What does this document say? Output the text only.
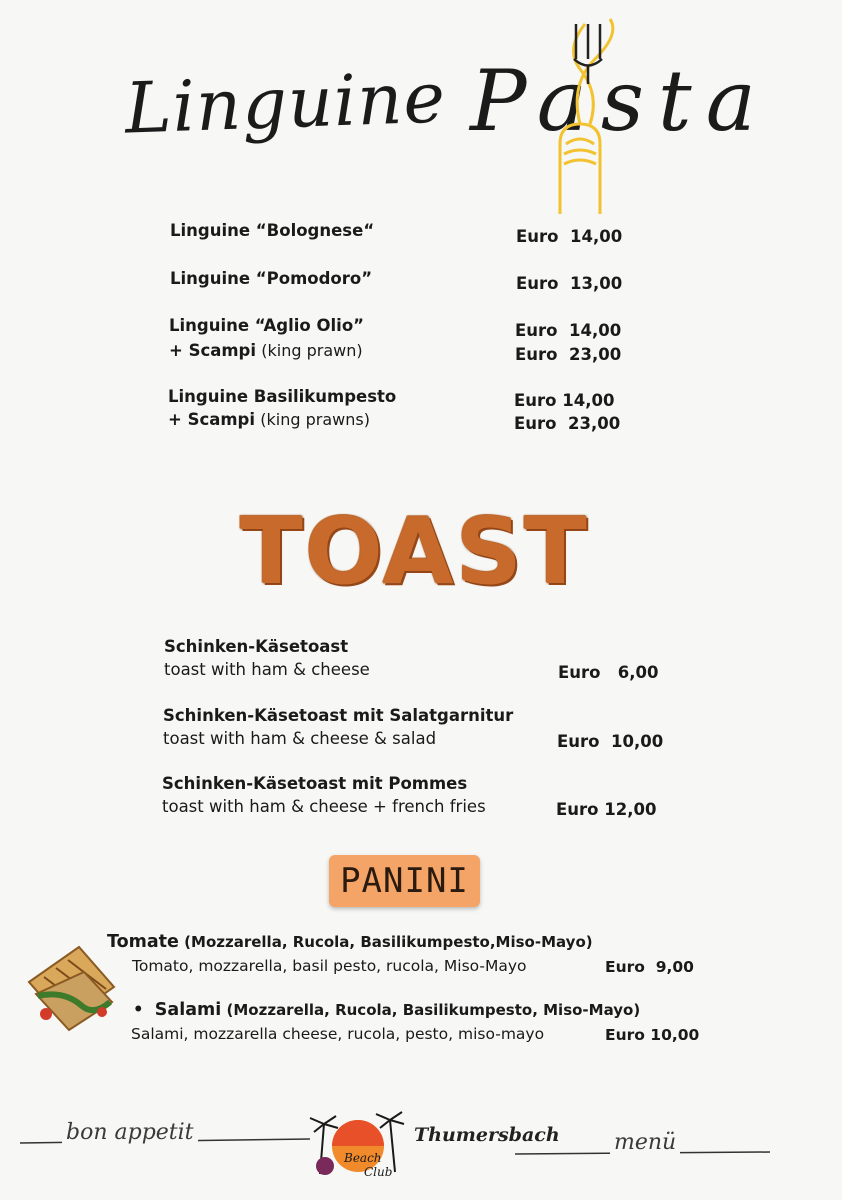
Linguine Pasta
Linguine “Bolognese“	Euro  14,00
Linguine “Pomodoro”	Euro  13,00
Linguine “Aglio Olio”	Euro  14,00
+ Scampi (king prawn)	Euro  23,00
Linguine Basilikumpesto	Euro 14,00
+ Scampi (king prawns)	Euro  23,00
TOAST
Schinken-Käsetoast
toast with ham & cheese	Euro   6,00
Schinken-Käsetoast mit Salatgarnitur
toast with ham & cheese & salad	Euro  10,00
Schinken-Käsetoast mit Pommes
toast with ham & cheese + french fries	Euro 12,00
PANINI
Tomate (Mozzarella, Rucola, Basilikumpesto,Miso-Mayo)
Tomato, mozzarella, basil pesto, rucola, Miso-Mayo	Euro  9,00
• Salami (Mozzarella, Rucola, Basilikumpesto, Miso-Mayo)
Salami, mozzarella cheese, rucola, pesto, miso-mayo	Euro 10,00
bon appetit
Beach
Club
Thumersbach menü
